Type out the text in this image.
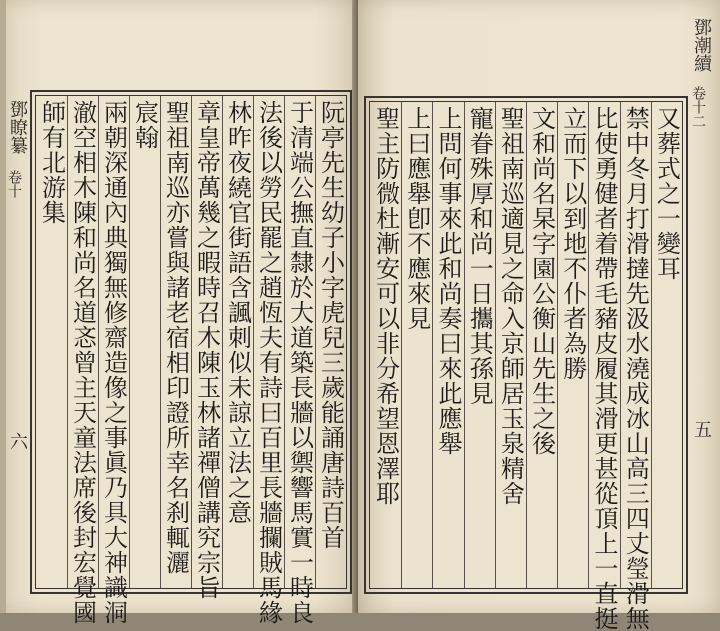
鄧瞭纂
卷十
六	阮亭先生幼子小字虎兒三歲能誦唐詩百首
于清端公撫直隸於大道築長牆以禦響馬實一時良
法後以勞民罷之趙恆夫有詩曰百里長牆攔賊馬緣
林昨夜繞官街語含諷刺似未諒立法之意
章皇帝萬幾之暇時召木陳玉林諸禪僧講究宗旨
聖祖南巡亦嘗與諸老宿相印證所幸名刹輒灑
宸翰
兩朝深通內典獨無修齋造像之事眞乃具大神識洞
澈空相木陳和尚名道忞曾主天童法席後封宏覺國
師有北游集
鄧潮續
卷十二
五
又葬式之一變耳
禁中冬月打滑撻先汲水澆成冰山高三四丈瑩滑無
比使勇健者着帶毛豬皮履其滑更甚從頂上一直挺
立而下以到地不仆者為勝
文和尚名杲字園公衡山先生之後
聖祖南巡適見之命入京師居玉泉精舍
寵眷殊厚和尚一日攜其孫見
上問何事來此和尚奏曰來此應舉
上曰應舉卽不應來見
聖主防微杜漸安可以非分希望恩澤耶
